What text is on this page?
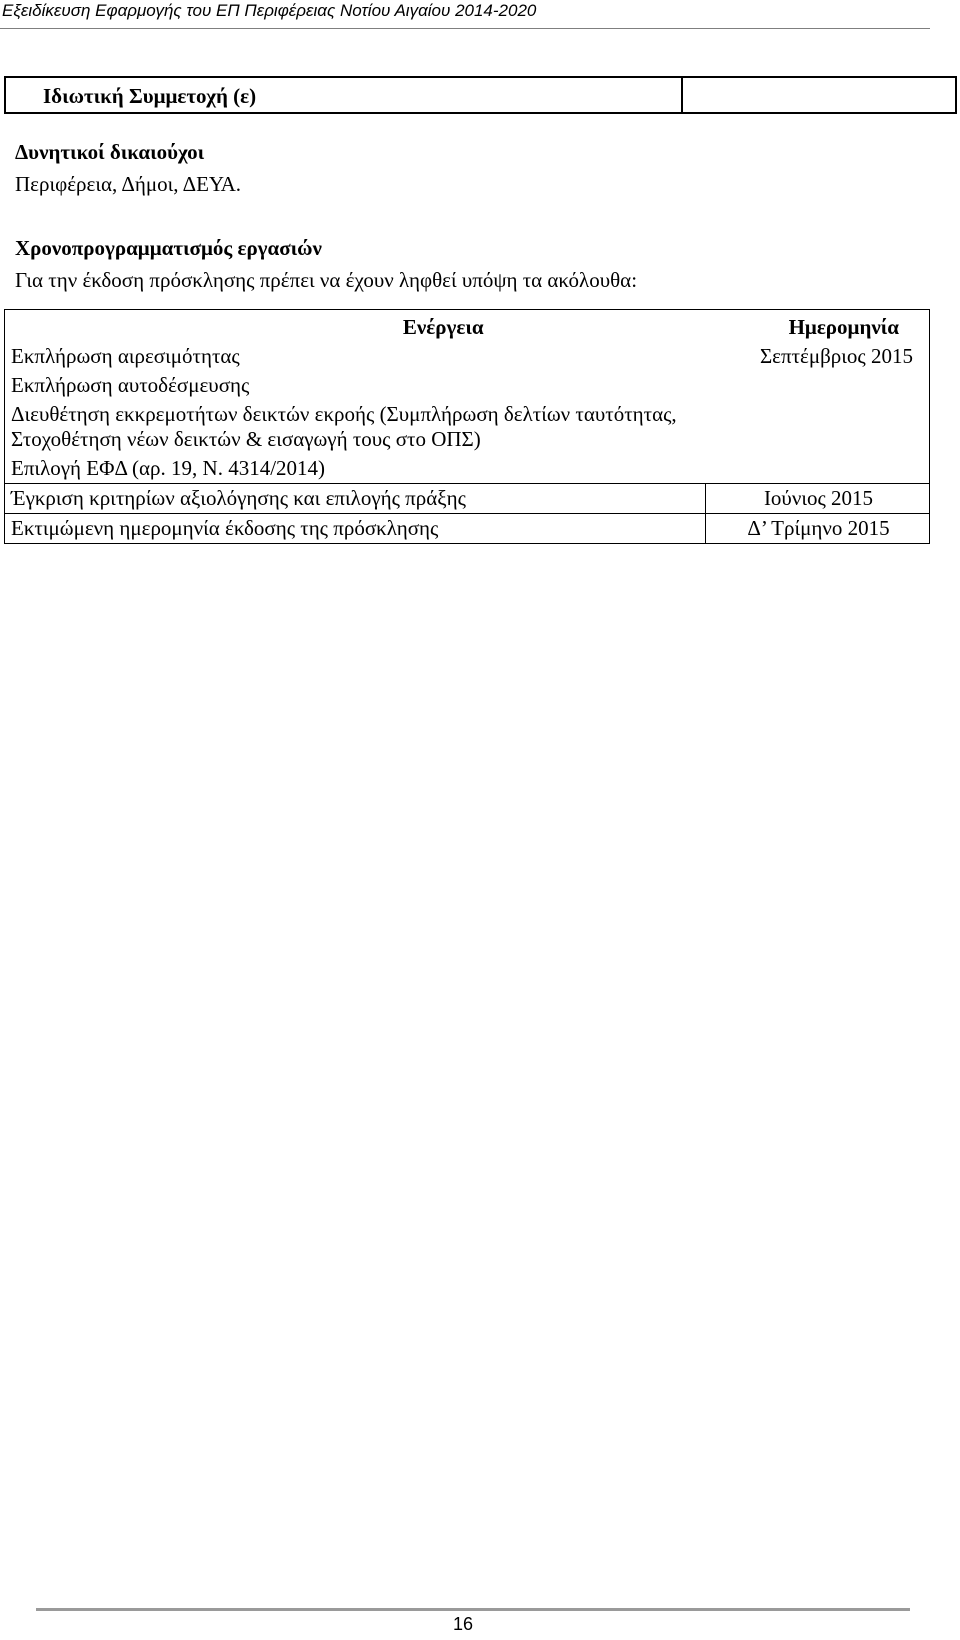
Εξειδίκευση Εφαρμογής του ΕΠ Περιφέρειας Νοτίου Αιγαίου 2014-2020
Ιδιωτική Συμμετοχή (ε)
Δυνητικοί δικαιούχοι
Περιφέρεια, Δήμοι, ΔΕΥΑ.
Χρονοπρογραμματισμός εργασιών
Για την έκδοση πρόσκλησης πρέπει να έχουν ληφθεί υπόψη τα ακόλουθα:
Ενέργεια	Ημερομηνία
Εκπλήρωση αιρεσιμότητας	Σεπτέμβριος 2015
Εκπλήρωση αυτοδέσμευσης	
Διευθέτηση εκκρεμοτήτων δεικτών εκροής (Συμπλήρωση δελτίων ταυτότητας, Στοχοθέτηση νέων δεικτών & εισαγωγή τους στο ΟΠΣ)	
Επιλογή ΕΦΔ (αρ. 19, Ν. 4314/2014)	
Έγκριση κριτηρίων αξιολόγησης και επιλογής πράξης	Ιούνιος 2015
Εκτιμώμενη ημερομηνία έκδοσης της πρόσκλησης	Δ’ Τρίμηνο 2015
16
